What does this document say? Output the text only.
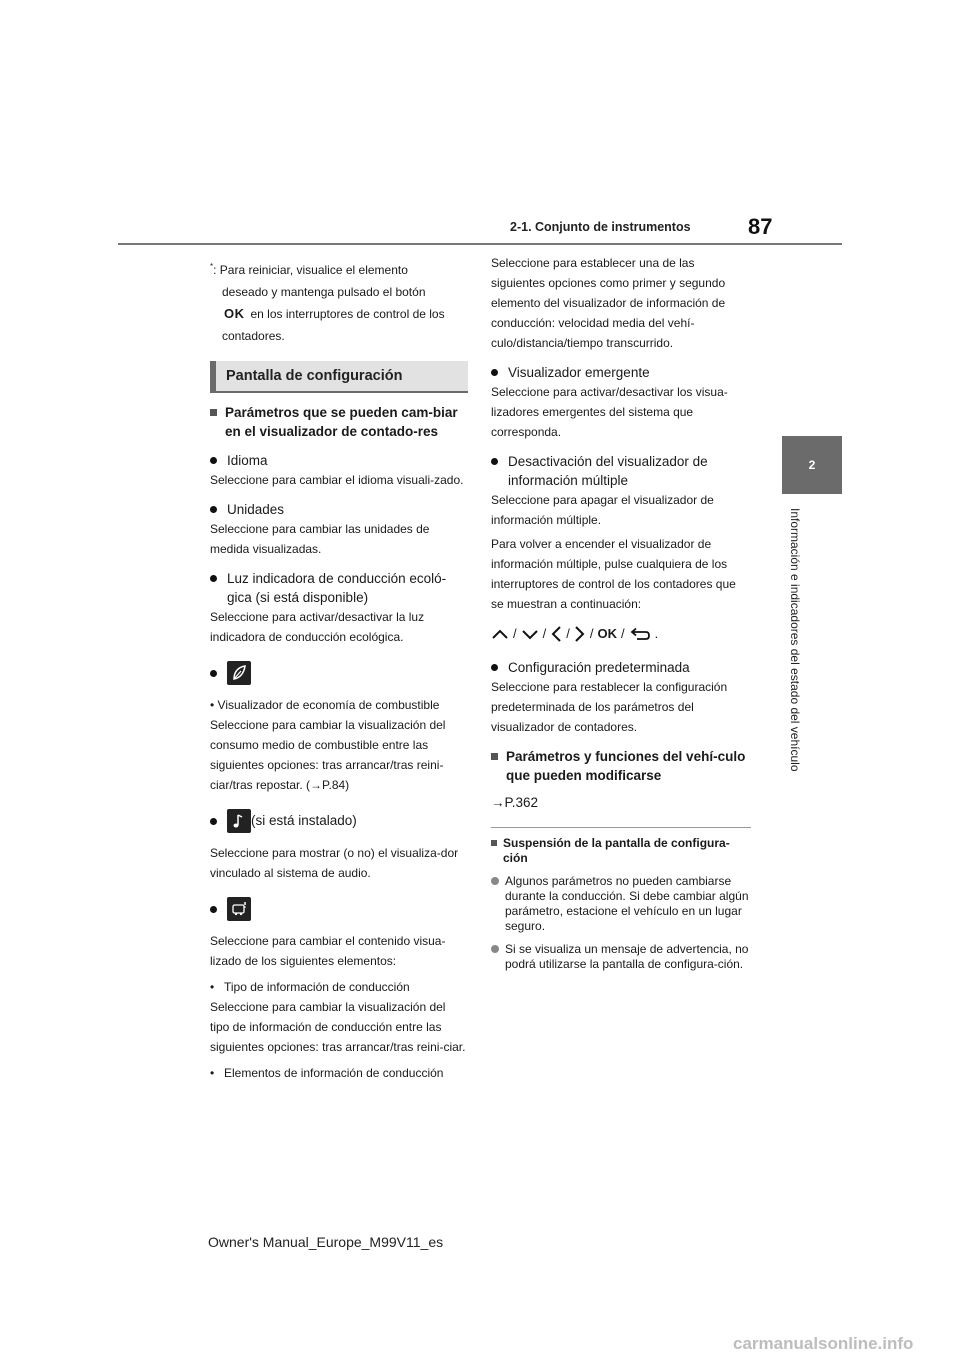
2-1. Conjunto de instrumentos	87
2
Información e indicadores del estado del vehículo
*: Para reiniciar, visualice el elemento
deseado y mantenga pulsado el botón
OK en los interruptores de control de los
contadores.
Pantalla de configuración
Parámetros que se pueden cam-biar en el visualizador de contado-res
Idioma

Seleccione para cambiar el idioma visuali-zado.

Unidades

Seleccione para cambiar las unidades de medida visualizadas.

Luz indicadora de conducción ecoló-gica (si está disponible)

Seleccione para activar/desactivar la luz indicadora de conducción ecológica.

• Visualizador de economía de combustible

Seleccione para cambiar la visualización del consumo medio de combustible entre las siguientes opciones: tras arrancar/tras reini-ciar/tras repostar. (→P.84)

(si está instalado)

Seleccione para mostrar (o no) el visualiza-dor vinculado al sistema de audio.

Seleccione para cambiar el contenido visua-lizado de los siguientes elementos:

• Tipo de información de conducción

Seleccione para cambiar la visualización del tipo de información de conducción entre las siguientes opciones: tras arrancar/tras reini-ciar.

• Elementos de información de conducción

Seleccione para establecer una de las siguientes opciones como primer y segundo elemento del visualizador de información de conducción: velocidad media del vehí-culo/distancia/tiempo transcurrido.

Visualizador emergente

Seleccione para activar/desactivar los visua-lizadores emergentes del sistema que corresponda.

Desactivación del visualizador de información múltiple

Seleccione para apagar el visualizador de información múltiple.

Para volver a encender el visualizador de información múltiple, pulse cualquiera de los interruptores de control de los contadores que se muestran a continuación:

/ / / / OK / .
Configuración predeterminada

Seleccione para restablecer la configuración predeterminada de los parámetros del visualizador de contadores.

Parámetros y funciones del vehí-culo que pueden modificarse
→P.362
Suspensión de la pantalla de configura-ción
Algunos parámetros no pueden cambiarse durante la conducción. Si debe cambiar algún parámetro, estacione el vehículo en un lugar seguro.
Si se visualiza un mensaje de advertencia, no podrá utilizarse la pantalla de configura-ción.
Owner's Manual_Europe_M99V11_es
carmanualsonline.info
